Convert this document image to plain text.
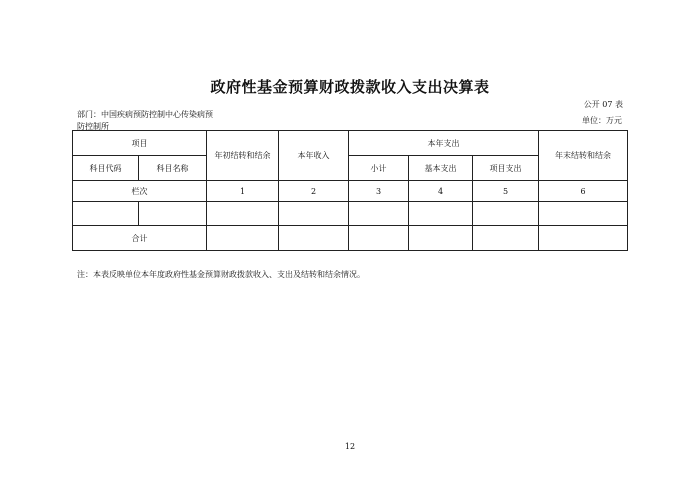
政府性基金预算财政拨款收入支出决算表
公开 07 表
部门：中国疾病预防控制中心传染病预防控制所
单位：万元
项目		年初结转和结余	本年收入	本年支出			年末结转和结余
科目代码	科目名称			小计	基本支出	项目支出	
栏次		1	2	3	4	5	6

合计							
注：本表反映单位本年度政府性基金预算财政拨款收入、支出及结转和结余情况。
12
